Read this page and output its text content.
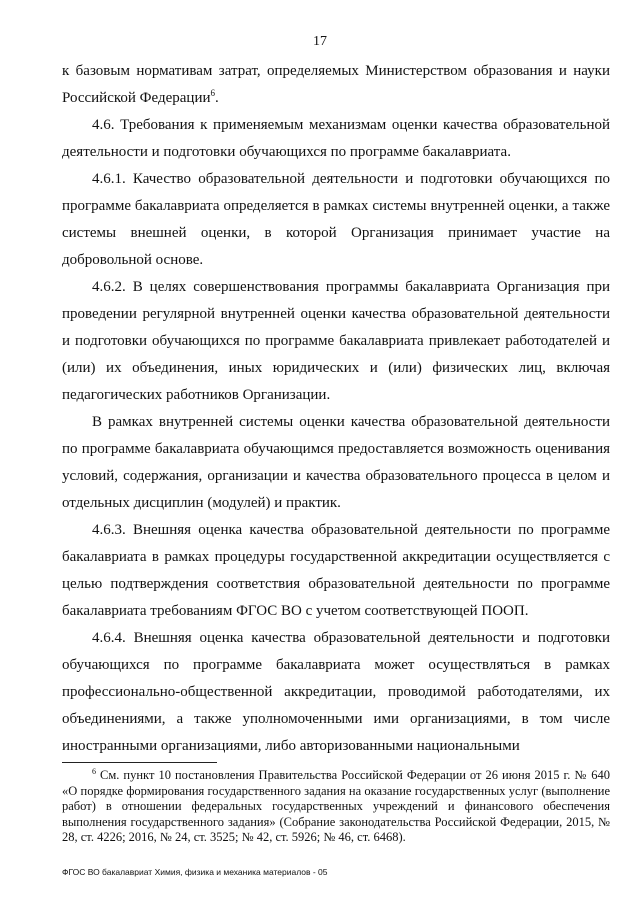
17

к базовым нормативам затрат, определяемых Министерством образования и науки Российской Федерации$^6$.

4.6. Требования к применяемым механизмам оценки качества образовательной деятельности и подготовки обучающихся по программе бакалавриата.

4.6.1. Качество образовательной деятельности и подготовки обучающихся по программе бакалавриата определяется в рамках системы внутренней оценки, а также системы внешней оценки, в которой Организация принимает участие на добровольной основе.

4.6.2. В целях совершенствования программы бакалавриата Организация при проведении регулярной внутренней оценки качества образовательной деятельности и подготовки обучающихся по программе бакалавриата привлекает работодателей и (или) их объединения, иных юридических и (или) физических лиц, включая педагогических работников Организации.

В рамках внутренней системы оценки качества образовательной деятельности по программе бакалавриата обучающимся предоставляется возможность оценивания условий, содержания, организации и качества образовательного процесса в целом и отдельных дисциплин (модулей) и практик.

4.6.3. Внешняя оценка качества образовательной деятельности по программе бакалавриата в рамках процедуры государственной аккредитации осуществляется с целью подтверждения соответствия образовательной деятельности по программе бакалавриата требованиям ФГОС ВО с учетом соответствующей ПООП.

4.6.4. Внешняя оценка качества образовательной деятельности и подготовки обучающихся по программе бакалавриата может осуществляться в рамках профессионально-общественной аккредитации, проводимой работодателями, их объединениями, а также уполномоченными ими организациями, в том числе иностранными организациями, либо авторизованными национальными

$^6$ См. пункт 10 постановления Правительства Российской Федерации от 26 июня 2015 г. № 640 «О порядке формирования государственного задания на оказание государственных услуг (выполнение работ) в отношении федеральных государственных учреждений и финансового обеспечения выполнения государственного задания» (Собрание законодательства Российской Федерации, 2015, № 28, ст. 4226; 2016, № 24, ст. 3525; № 42, ст. 5926; № 46, ст. 6468).
ФГОС ВО бакалавриат Химия, физика и механика материалов - 05
